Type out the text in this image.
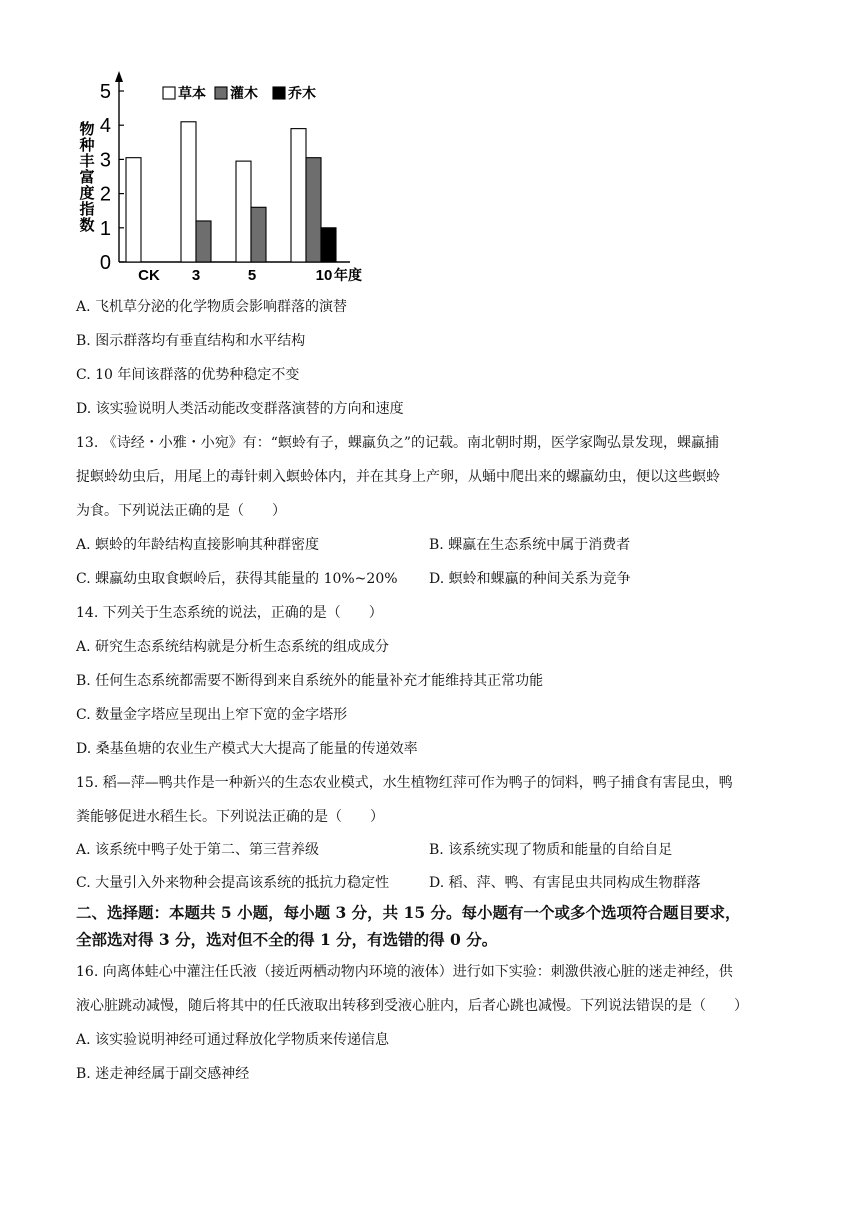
0
1
2
3
4
5
物种丰富度指数
CK 3	5	10 年度
草本 灌木 乔木
A. 飞机草分泌的化学物质会影响群落的演替
B. 图示群落均有垂直结构和水平结构
C. 10 年间该群落的优势种稳定不变
D. 该实验说明人类活动能改变群落演替的方向和速度
13. 《诗经・小雅・小宛》有：“螟蛉有子，蜾蠃负之”的记载。南北朝时期，医学家陶弘景发现，蜾蠃捕
捉螟蛉幼虫后，用尾上的毒针刺入螟蛉体内，并在其身上产卵，从蛹中爬出来的螺蠃幼虫，便以这些螟蛉
为食。下列说法正确的是（　　）
A. 螟蛉的年龄结构直接影响其种群密度	B. 蜾蠃在生态系统中属于消费者
C. 蜾蠃幼虫取食螟岭后，获得其能量的 10%~20% D. 螟蛉和蜾蠃的种间关系为竞争
14. 下列关于生态系统的说法，正确的是（　　）
A. 研究生态系统结构就是分析生态系统的组成成分
B. 任何生态系统都需要不断得到来自系统外的能量补充才能维持其正常功能
C. 数量金字塔应呈现出上窄下宽的金字塔形
D. 桑基鱼塘的农业生产模式大大提高了能量的传递效率
15. 稻—萍—鸭共作是一种新兴的生态农业模式，水生植物红萍可作为鸭子的饲料，鸭子捕食有害昆虫，鸭
粪能够促进水稻生长。下列说法正确的是（　　）
A. 该系统中鸭子处于第二、第三营养级	B. 该系统实现了物质和能量的自给自足
C. 大量引入外来物种会提高该系统的抵抗力稳定性	D. 稻、萍、鸭、有害昆虫共同构成生物群落
二、选择题：本题共 5 小题，每小题 3 分，共 15 分。每小题有一个或多个选项符合题目要求，
全部选对得 3 分，选对但不全的得 1 分，有选错的得 0 分。
16. 向离体蛙心中灌注任氏液（接近两栖动物内环境的液体）进行如下实验：刺激供液心脏的迷走神经，供
液心脏跳动减慢，随后将其中的任氏液取出转移到受液心脏内，后者心跳也减慢。下列说法错误的是（　　）
A. 该实验说明神经可通过释放化学物质来传递信息
B. 迷走神经属于副交感神经
